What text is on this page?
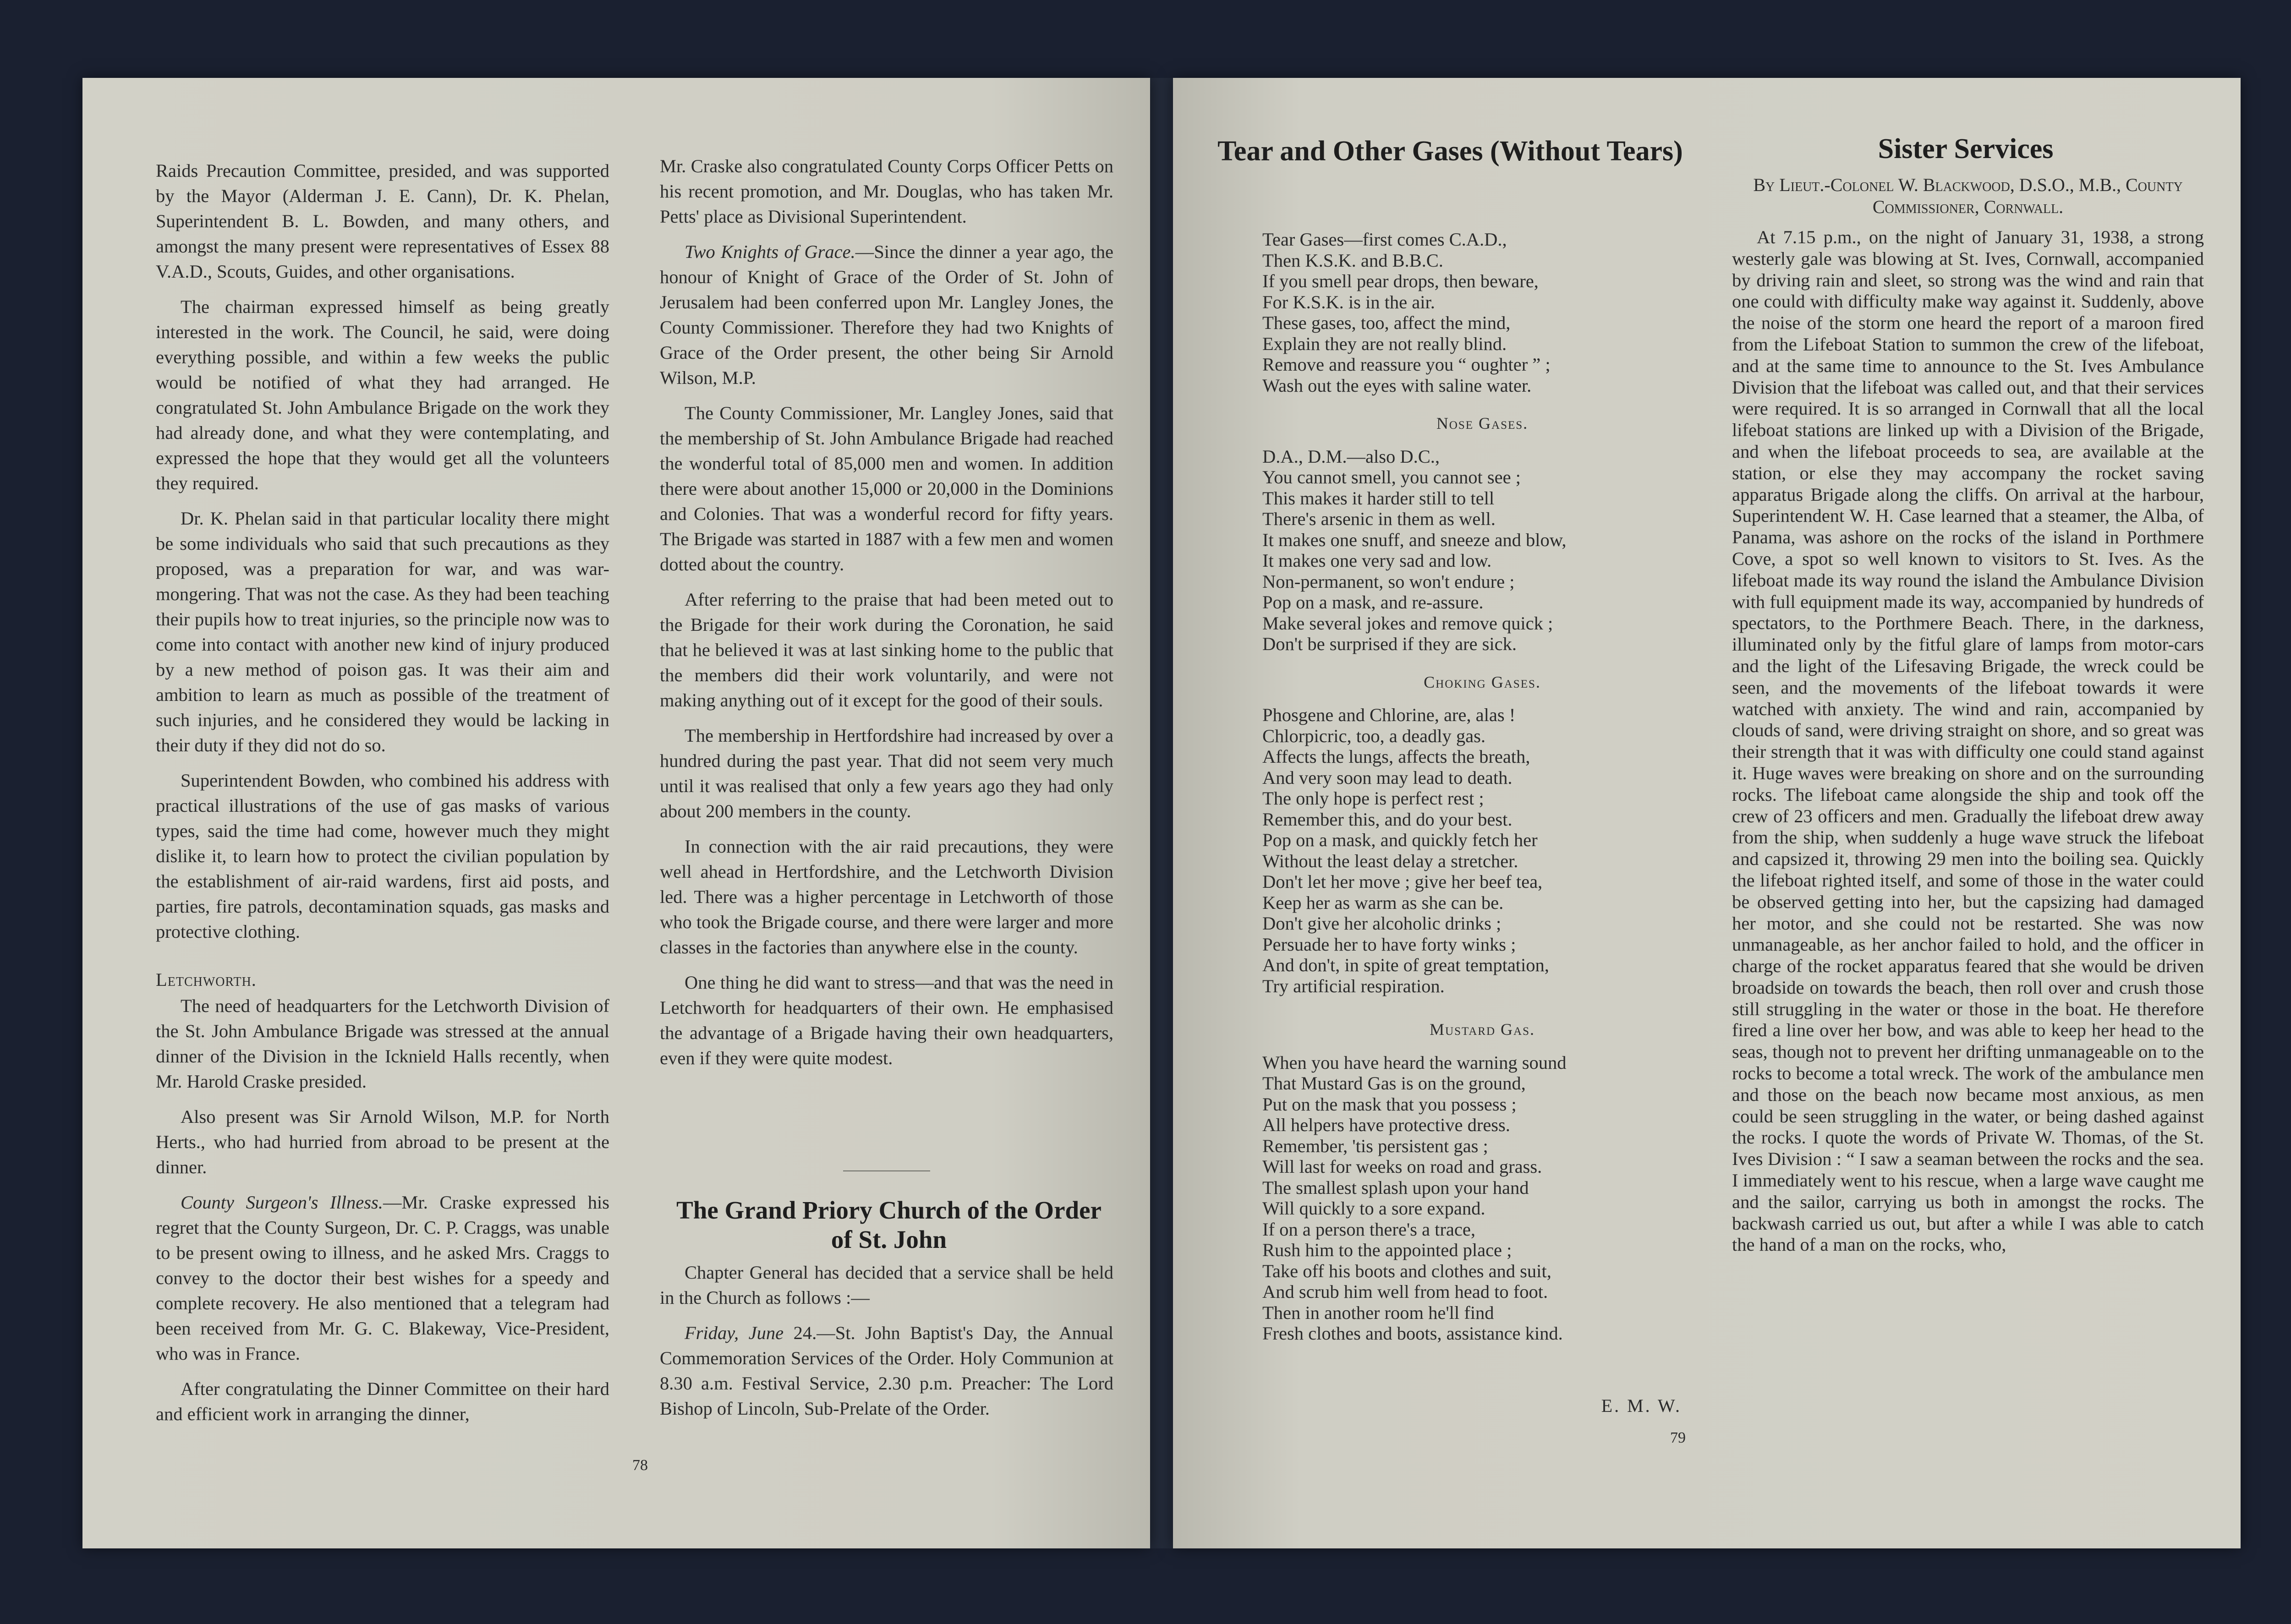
Raids Precaution Committee, presided, and was supported by the Mayor (Alderman J. E. Cann), Dr. K. Phelan, Superintendent B. L. Bowden, and many others, and amongst the many present were representatives of Essex 88 V.A.D., Scouts, Guides, and other organisations.

The chairman expressed himself as being greatly interested in the work. The Council, he said, were doing everything possible, and within a few weeks the public would be notified of what they had arranged. He congratulated St. John Ambulance Brigade on the work they had already done, and what they were contemplating, and expressed the hope that they would get all the volunteers they required.

Dr. K. Phelan said in that particular locality there might be some individuals who said that such precautions as they proposed, was a preparation for war, and was war-mongering. That was not the case. As they had been teaching their pupils how to treat injuries, so the principle now was to come into contact with another new kind of injury produced by a new method of poison gas. It was their aim and ambition to learn as much as possible of the treatment of such injuries, and he considered they would be lacking in their duty if they did not do so.

Superintendent Bowden, who combined his address with practical illustrations of the use of gas masks of various types, said the time had come, however much they might dislike it, to learn how to protect the civilian population by the establishment of air-raid wardens, first aid posts, and parties, fire patrols, decontamination squads, gas masks and protective clothing.

Letchworth.

The need of headquarters for the Letchworth Division of the St. John Ambulance Brigade was stressed at the annual dinner of the Division in the Icknield Halls recently, when Mr. Harold Craske presided.

Also present was Sir Arnold Wilson, M.P. for North Herts., who had hurried from abroad to be present at the dinner.

County Surgeon's Illness.—Mr. Craske expressed his regret that the County Surgeon, Dr. C. P. Craggs, was unable to be present owing to illness, and he asked Mrs. Craggs to convey to the doctor their best wishes for a speedy and complete recovery. He also mentioned that a telegram had been received from Mr. G. C. Blakeway, Vice-President, who was in France.

After congratulating the Dinner Committee on their hard and efficient work in arranging the dinner,

Mr. Craske also congratulated County Corps Officer Petts on his recent promotion, and Mr. Douglas, who has taken Mr. Petts' place as Divisional Superintendent.

Two Knights of Grace.—Since the dinner a year ago, the honour of Knight of Grace of the Order of St. John of Jerusalem had been conferred upon Mr. Langley Jones, the County Commissioner. Therefore they had two Knights of Grace of the Order present, the other being Sir Arnold Wilson, M.P.

The County Commissioner, Mr. Langley Jones, said that the membership of St. John Ambulance Brigade had reached the wonderful total of 85,000 men and women. In addition there were about another 15,000 or 20,000 in the Dominions and Colonies. That was a wonderful record for fifty years. The Brigade was started in 1887 with a few men and women dotted about the country.

After referring to the praise that had been meted out to the Brigade for their work during the Coronation, he said that he believed it was at last sinking home to the public that the members did their work voluntarily, and were not making anything out of it except for the good of their souls.

The membership in Hertfordshire had increased by over a hundred during the past year. That did not seem very much until it was realised that only a few years ago they had only about 200 members in the county.

In connection with the air raid precautions, they were well ahead in Hertfordshire, and the Letchworth Division led. There was a higher percentage in Letchworth of those who took the Brigade course, and there were larger and more classes in the factories than anywhere else in the county.

One thing he did want to stress—and that was the need in Letchworth for headquarters of their own. He emphasised the advantage of a Brigade having their own headquarters, even if they were quite modest.

The Grand Priory Church of the Order of St. John

Chapter General has decided that a service shall be held in the Church as follows :—

Friday, June 24.—St. John Baptist's Day, the Annual Commemoration Services of the Order. Holy Communion at 8.30 a.m. Festival Service, 2.30 p.m. Preacher: The Lord Bishop of Lincoln, Sub-Prelate of the Order.

78
Tear and Other Gases (Without Tears)
Tear Gases—first comes C.A.D.,
Then K.S.K. and B.B.C.
If you smell pear drops, then beware,
For K.S.K. is in the air.
These gases, too, affect the mind,
Explain they are not really blind.
Remove and reassure you “ oughter ” ;
Wash out the eyes with saline water.
Nose Gases.
D.A., D.M.—also D.C.,
You cannot smell, you cannot see ;
This makes it harder still to tell
There's arsenic in them as well.
It makes one snuff, and sneeze and blow,
It makes one very sad and low.
Non-permanent, so won't endure ;
Pop on a mask, and re-assure.
Make several jokes and remove quick ;
Don't be surprised if they are sick.
Choking Gases.
Phosgene and Chlorine, are, alas !
Chlorpicric, too, a deadly gas.
Affects the lungs, affects the breath,
And very soon may lead to death.
The only hope is perfect rest ;
Remember this, and do your best.
Pop on a mask, and quickly fetch her
Without the least delay a stretcher.
Don't let her move ; give her beef tea,
Keep her as warm as she can be.
Don't give her alcoholic drinks ;
Persuade her to have forty winks ;
And don't, in spite of great temptation,
Try artificial respiration.
Mustard Gas.
When you have heard the warning sound
That Mustard Gas is on the ground,
Put on the mask that you possess ;
All helpers have protective dress.
Remember, 'tis persistent gas ;
Will last for weeks on road and grass.
The smallest splash upon your hand
Will quickly to a sore expand.
If on a person there's a trace,
Rush him to the appointed place ;
Take off his boots and clothes and suit,
And scrub him well from head to foot.
Then in another room he'll find
Fresh clothes and boots, assistance kind.
E. M. W.
Sister Services
By Lieut.-Colonel W. Blackwood, D.S.O., M.B., County Commissioner, Cornwall.

At 7.15 p.m., on the night of January 31, 1938, a strong westerly gale was blowing at St. Ives, Cornwall, accompanied by driving rain and sleet, so strong was the wind and rain that one could with difficulty make way against it. Suddenly, above the noise of the storm one heard the report of a maroon fired from the Lifeboat Station to summon the crew of the lifeboat, and at the same time to announce to the St. Ives Ambulance Division that the lifeboat was called out, and that their services were required. It is so arranged in Cornwall that all the local lifeboat stations are linked up with a Division of the Brigade, and when the lifeboat proceeds to sea, are available at the station, or else they may accompany the rocket saving apparatus Brigade along the cliffs. On arrival at the harbour, Superintendent W. H. Case learned that a steamer, the Alba, of Panama, was ashore on the rocks of the island in Porthmere Cove, a spot so well known to visitors to St. Ives. As the lifeboat made its way round the island the Ambulance Division with full equipment made its way, accompanied by hundreds of spectators, to the Porthmere Beach. There, in the darkness, illuminated only by the fitful glare of lamps from motor-cars and the light of the Lifesaving Brigade, the wreck could be seen, and the movements of the lifeboat towards it were watched with anxiety. The wind and rain, accompanied by clouds of sand, were driving straight on shore, and so great was their strength that it was with difficulty one could stand against it. Huge waves were breaking on shore and on the surrounding rocks. The lifeboat came alongside the ship and took off the crew of 23 officers and men. Gradually the lifeboat drew away from the ship, when suddenly a huge wave struck the lifeboat and capsized it, throwing 29 men into the boiling sea. Quickly the lifeboat righted itself, and some of those in the water could be observed getting into her, but the capsizing had damaged her motor, and she could not be restarted. She was now unmanageable, as her anchor failed to hold, and the officer in charge of the rocket apparatus feared that she would be driven broadside on towards the beach, then roll over and crush those still struggling in the water or those in the boat. He therefore fired a line over her bow, and was able to keep her head to the seas, though not to prevent her drifting unmanageable on to the rocks to become a total wreck. The work of the ambulance men and those on the beach now became most anxious, as men could be seen struggling in the water, or being dashed against the rocks. I quote the words of Private W. Thomas, of the St. Ives Division : “ I saw a seaman between the rocks and the sea. I immediately went to his rescue, when a large wave caught me and the sailor, carrying us both in amongst the rocks. The backwash carried us out, but after a while I was able to catch the hand of a man on the rocks, who,

79
